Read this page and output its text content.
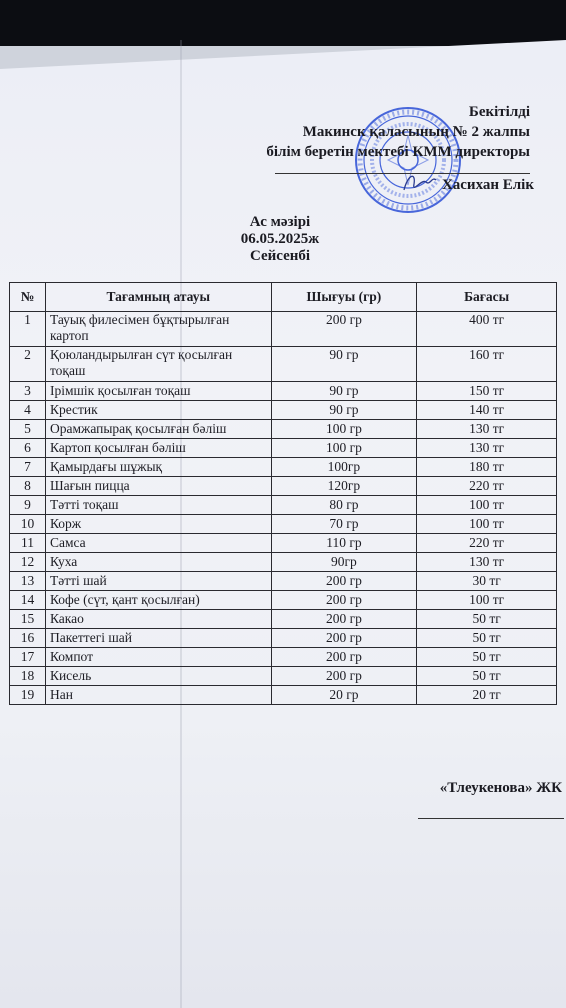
Бекітілді
Макинск қаласының № 2 жалпы
білім беретін мектебі КММ директоры
Хасихан Елік
Ас мәзірі
06.05.2025ж
Сейсенбі
№	Тағамның атауы	Шығуы (гр)	Бағасы
1	Тауық филесімен бұқтырылған картоп	200 гр	400 тг
2	Қоюландырылған сүт қосылған тоқаш	90 гр	160 тг
3	Ірімшік қосылған тоқаш	90 гр	150 тг
4	Крестик	90 гр	140 тг
5	Орамжапырақ қосылған бәліш	100 гр	130 тг
6	Картоп қосылған бәліш	100 гр	130 тг
7	Қамырдағы шұжық	100гр	180 тг
8	Шағын пицца	120гр	220 тг
9	Тәтті тоқаш	80 гр	100 тг
10	Корж	70 гр	100 тг
11	Самса	110 гр	220 тг
12	Куха	90гр	130 тг
13	Тәтті шай	200 гр	30 тг
14	Кофе (сүт, қант қосылған)	200 гр	100 тг
15	Какао	200 гр	50 тг
16	Пакеттегі шай	200 гр	50 тг
17	Компот	200 гр	50 тг
18	Кисель	200 гр	50 тг
19	Нан	20 гр	20 тг
«Тлеукенова» ЖК
